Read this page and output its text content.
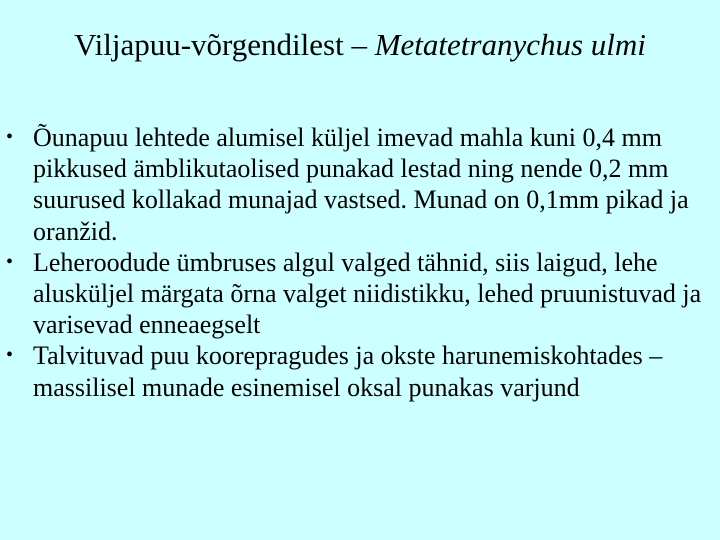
Viljapuu-võrgendilest – Metatetranychus ulmi
• Õunapuu lehtede alumisel küljel imevad mahla kuni 0,4 mm pikkused ämblikutaolised punakad lestad ning nende 0,2 mm suurused kollakad munajad vastsed. Munad on 0,1mm pikad ja oranžid.
• Leheroodude ümbruses algul valged tähnid, siis laigud, lehe alusküljel märgata õrna valget niidistikku, lehed pruunistuvad ja varisevad enneaegselt
• Talvituvad puu koorepragudes ja okste harunemiskohtades – massilisel munade esinemisel oksal punakas varjund
